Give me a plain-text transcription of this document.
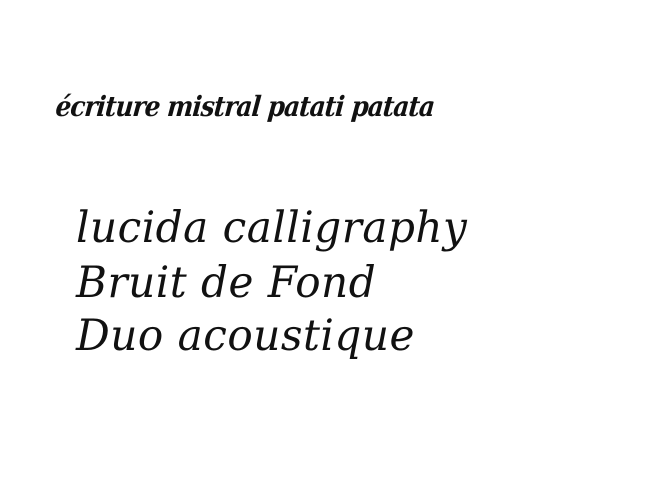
écriture mistral patati patata
lucida calligraphy
Bruit de Fond
Duo acoustique
